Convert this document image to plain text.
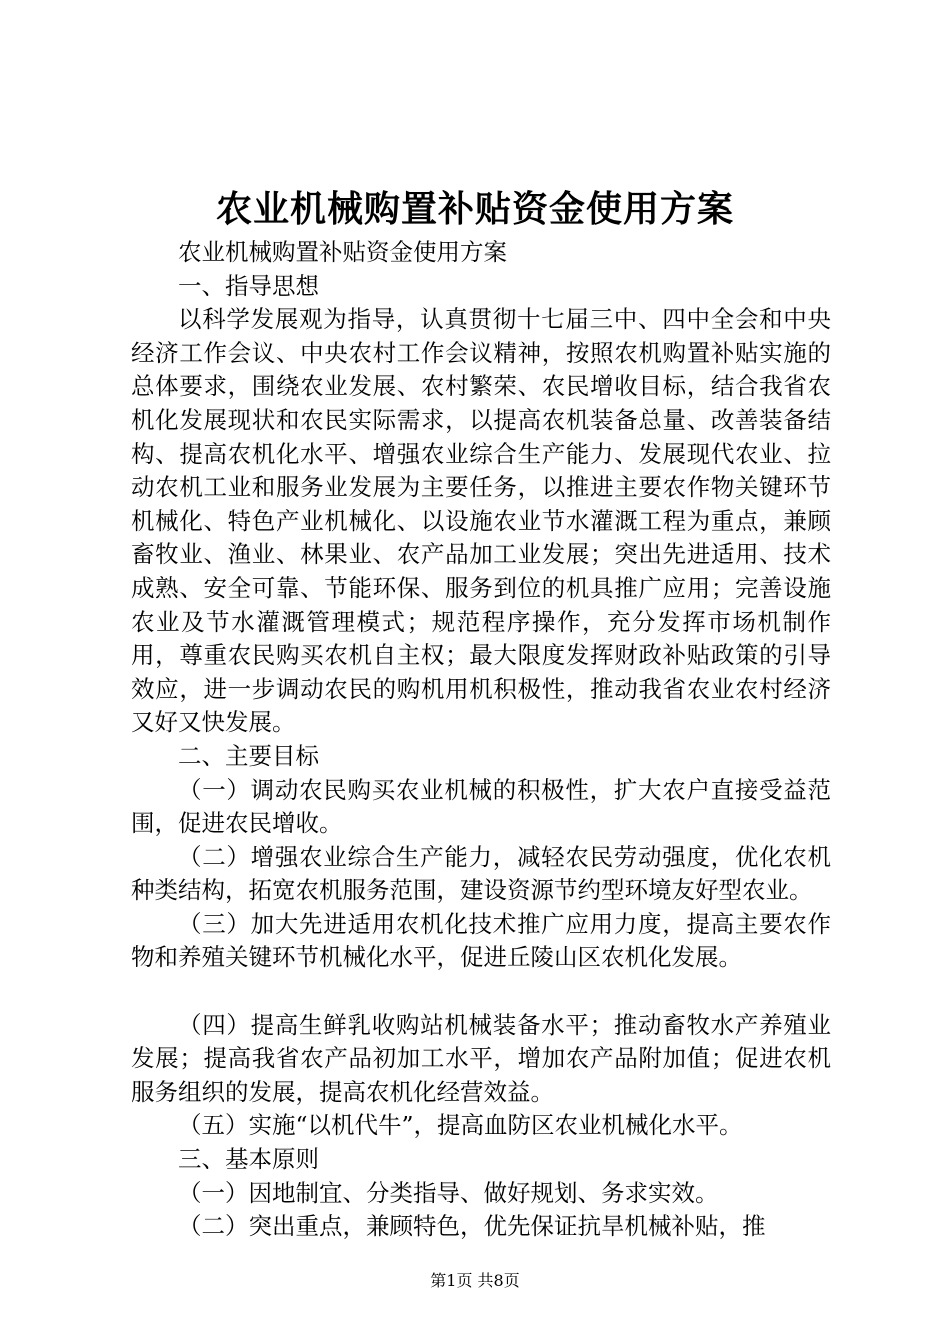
农业机械购置补贴资金使用方案

农业机械购置补贴资金使用方案

一、指导思想

以科学发展观为指导，认真贯彻十七届三中、四中全会和中央经济工作会议、中央农村工作会议精神，按照农机购置补贴实施的总体要求，围绕农业发展、农村繁荣、农民增收目标，结合我省农机化发展现状和农民实际需求，以提高农机装备总量、改善装备结构、提高农机化水平、增强农业综合生产能力、发展现代农业、拉动农机工业和服务业发展为主要任务，以推进主要农作物关键环节机械化、特色产业机械化、以设施农业节水灌溉工程为重点，兼顾畜牧业、渔业、林果业、农产品加工业发展；突出先进适用、技术成熟、安全可靠、节能环保、服务到位的机具推广应用；完善设施农业及节水灌溉管理模式；规范程序操作，充分发挥市场机制作用，尊重农民购买农机自主权；最大限度发挥财政补贴政策的引导效应，进一步调动农民的购机用机积极性，推动我省农业农村经济又好又快发展。

二、主要目标

（一）调动农民购买农业机械的积极性，扩大农户直接受益范围，促进农民增收。

（二）增强农业综合生产能力，减轻农民劳动强度，优化农机种类结构，拓宽农机服务范围，建设资源节约型环境友好型农业。

（三）加大先进适用农机化技术推广应用力度，提高主要农作物和养殖关键环节机械化水平，促进丘陵山区农机化发展。

（四）提高生鲜乳收购站机械装备水平；推动畜牧水产养殖业发展；提高我省农产品初加工水平，增加农产品附加值；促进农机服务组织的发展，提高农机化经营效益。

（五）实施“以机代牛”，提高血防区农业机械化水平。

三、基本原则

（一）因地制宜、分类指导、做好规划、务求实效。

（二）突出重点，兼顾特色，优先保证抗旱机械补贴，推

第1页 共8页
